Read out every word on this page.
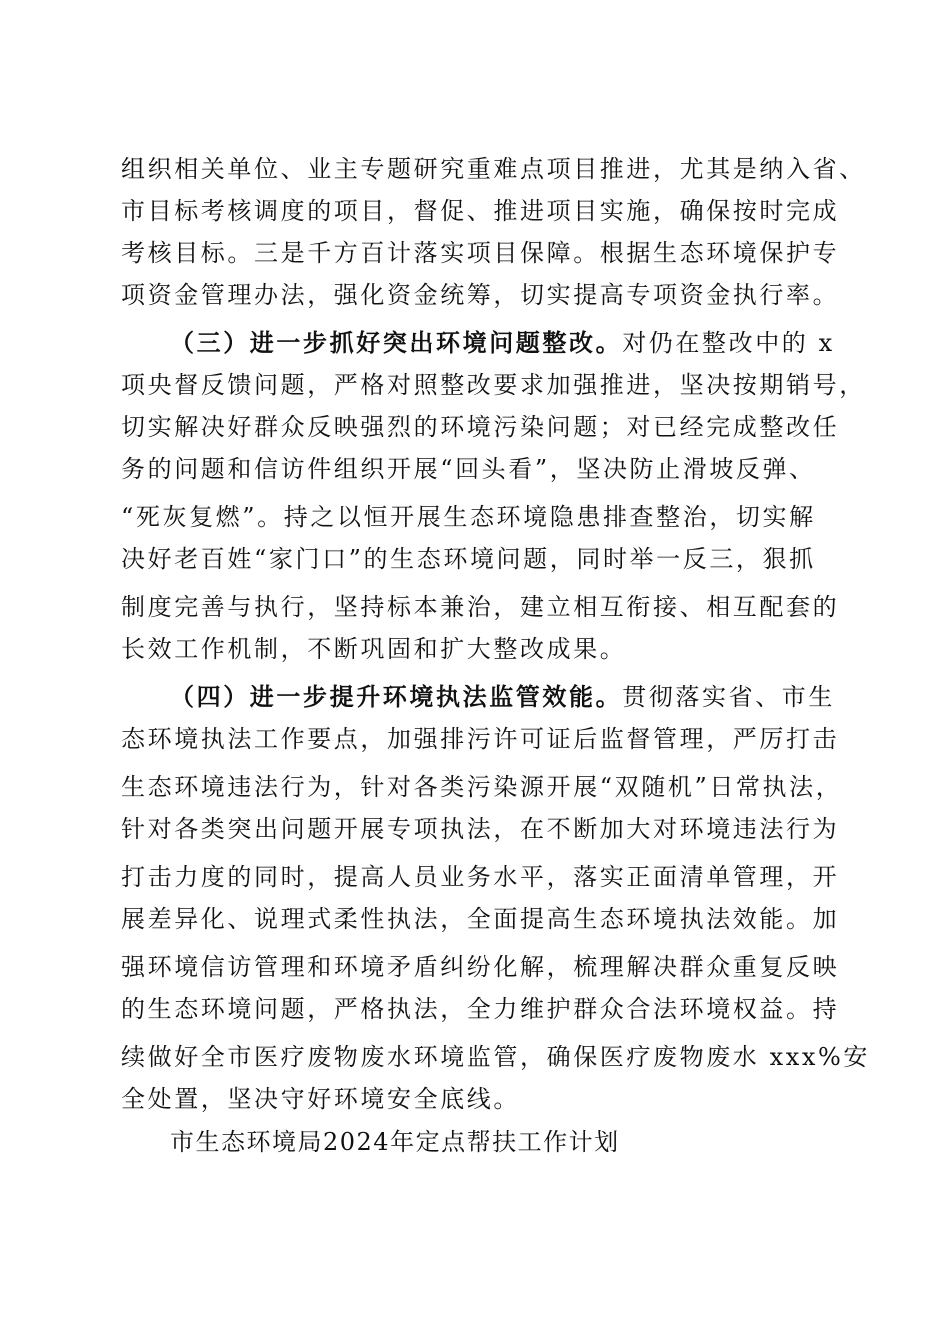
组织相关单位、业主专题研究重难点项目推进，尤其是纳入省、
市目标考核调度的项目，督促、推进项目实施，确保按时完成
考核目标。三是千方百计落实项目保障。根据生态环境保护专
项资金管理办法，强化资金统筹，切实提高专项资金执行率。
（三）进一步抓好突出环境问题整改。对仍在整改中的 x
项央督反馈问题，严格对照整改要求加强推进，坚决按期销号，
切实解决好群众反映强烈的环境污染问题；对已经完成整改任
务的问题和信访件组织开展“回头看”，坚决防止滑坡反弹、
“死灰复燃”。持之以恒开展生态环境隐患排查整治，切实解
决好老百姓“家门口”的生态环境问题，同时举一反三，狠抓
制度完善与执行，坚持标本兼治，建立相互衔接、相互配套的
长效工作机制，不断巩固和扩大整改成果。
（四）进一步提升环境执法监管效能。贯彻落实省、市生
态环境执法工作要点，加强排污许可证后监督管理，严厉打击
生态环境违法行为，针对各类污染源开展“双随机”日常执法，
针对各类突出问题开展专项执法，在不断加大对环境违法行为
打击力度的同时，提高人员业务水平，落实正面清单管理，开
展差异化、说理式柔性执法，全面提高生态环境执法效能。加
强环境信访管理和环境矛盾纠纷化解，梳理解决群众重复反映
的生态环境问题，严格执法，全力维护群众合法环境权益。持
续做好全市医疗废物废水环境监管，确保医疗废物废水 xxx%安
全处置，坚决守好环境安全底线。
市生态环境局2024年定点帮扶工作计划
